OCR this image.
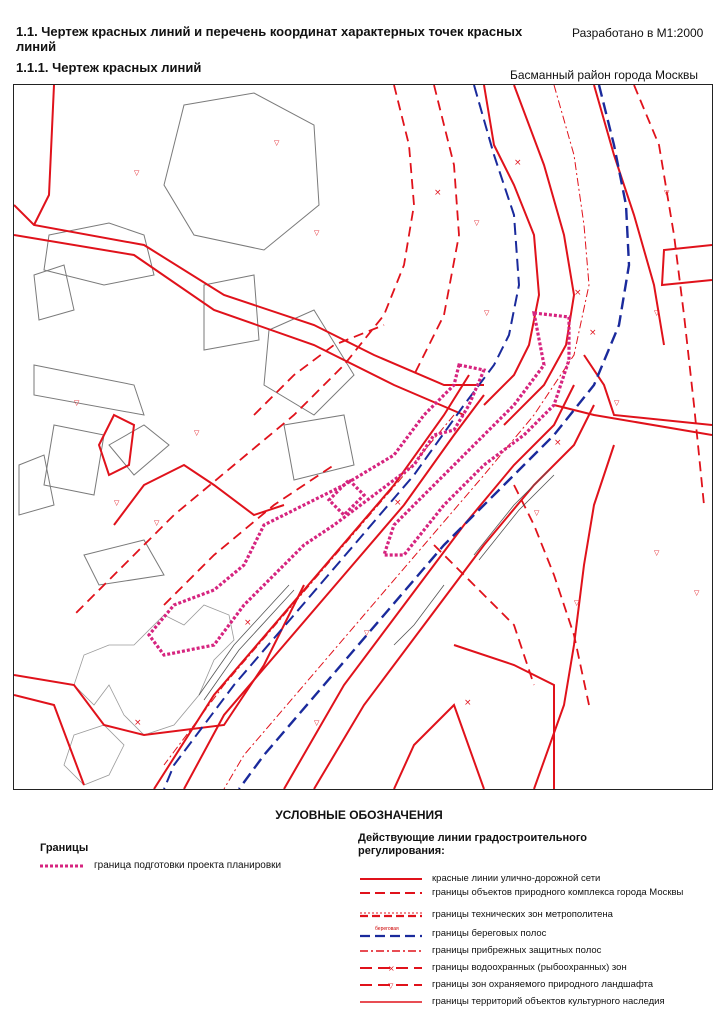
1.1. Чертеж красных линий и перечень координат характерных точек красных линий
1.1.1. Чертеж красных линий
Разработано в М1:2000
Басманный район города Москвы
▽
▽
▽
▽
▽
▽
▽
▽
▽
▽
▽
▽
▽
▽
▽
▽
▽
▽
×
×
×
×
×
×
×
×
×
УСЛОВНЫЕ ОБОЗНАЧЕНИЯ
Границы
граница подготовки проекта планировки
Действующие линии градостроительного регулирования:
красные линии улично-дорожной сети
границы объектов природного комплекса города Москвы
границы технических зон метрополитена
границы береговых полос
береговая
границы прибрежных защитных полос
×	границы водоохранных (рыбоохранных) зон
▽	границы зон охраняемого природного ландшафта
границы территорий объектов культурного наследия
